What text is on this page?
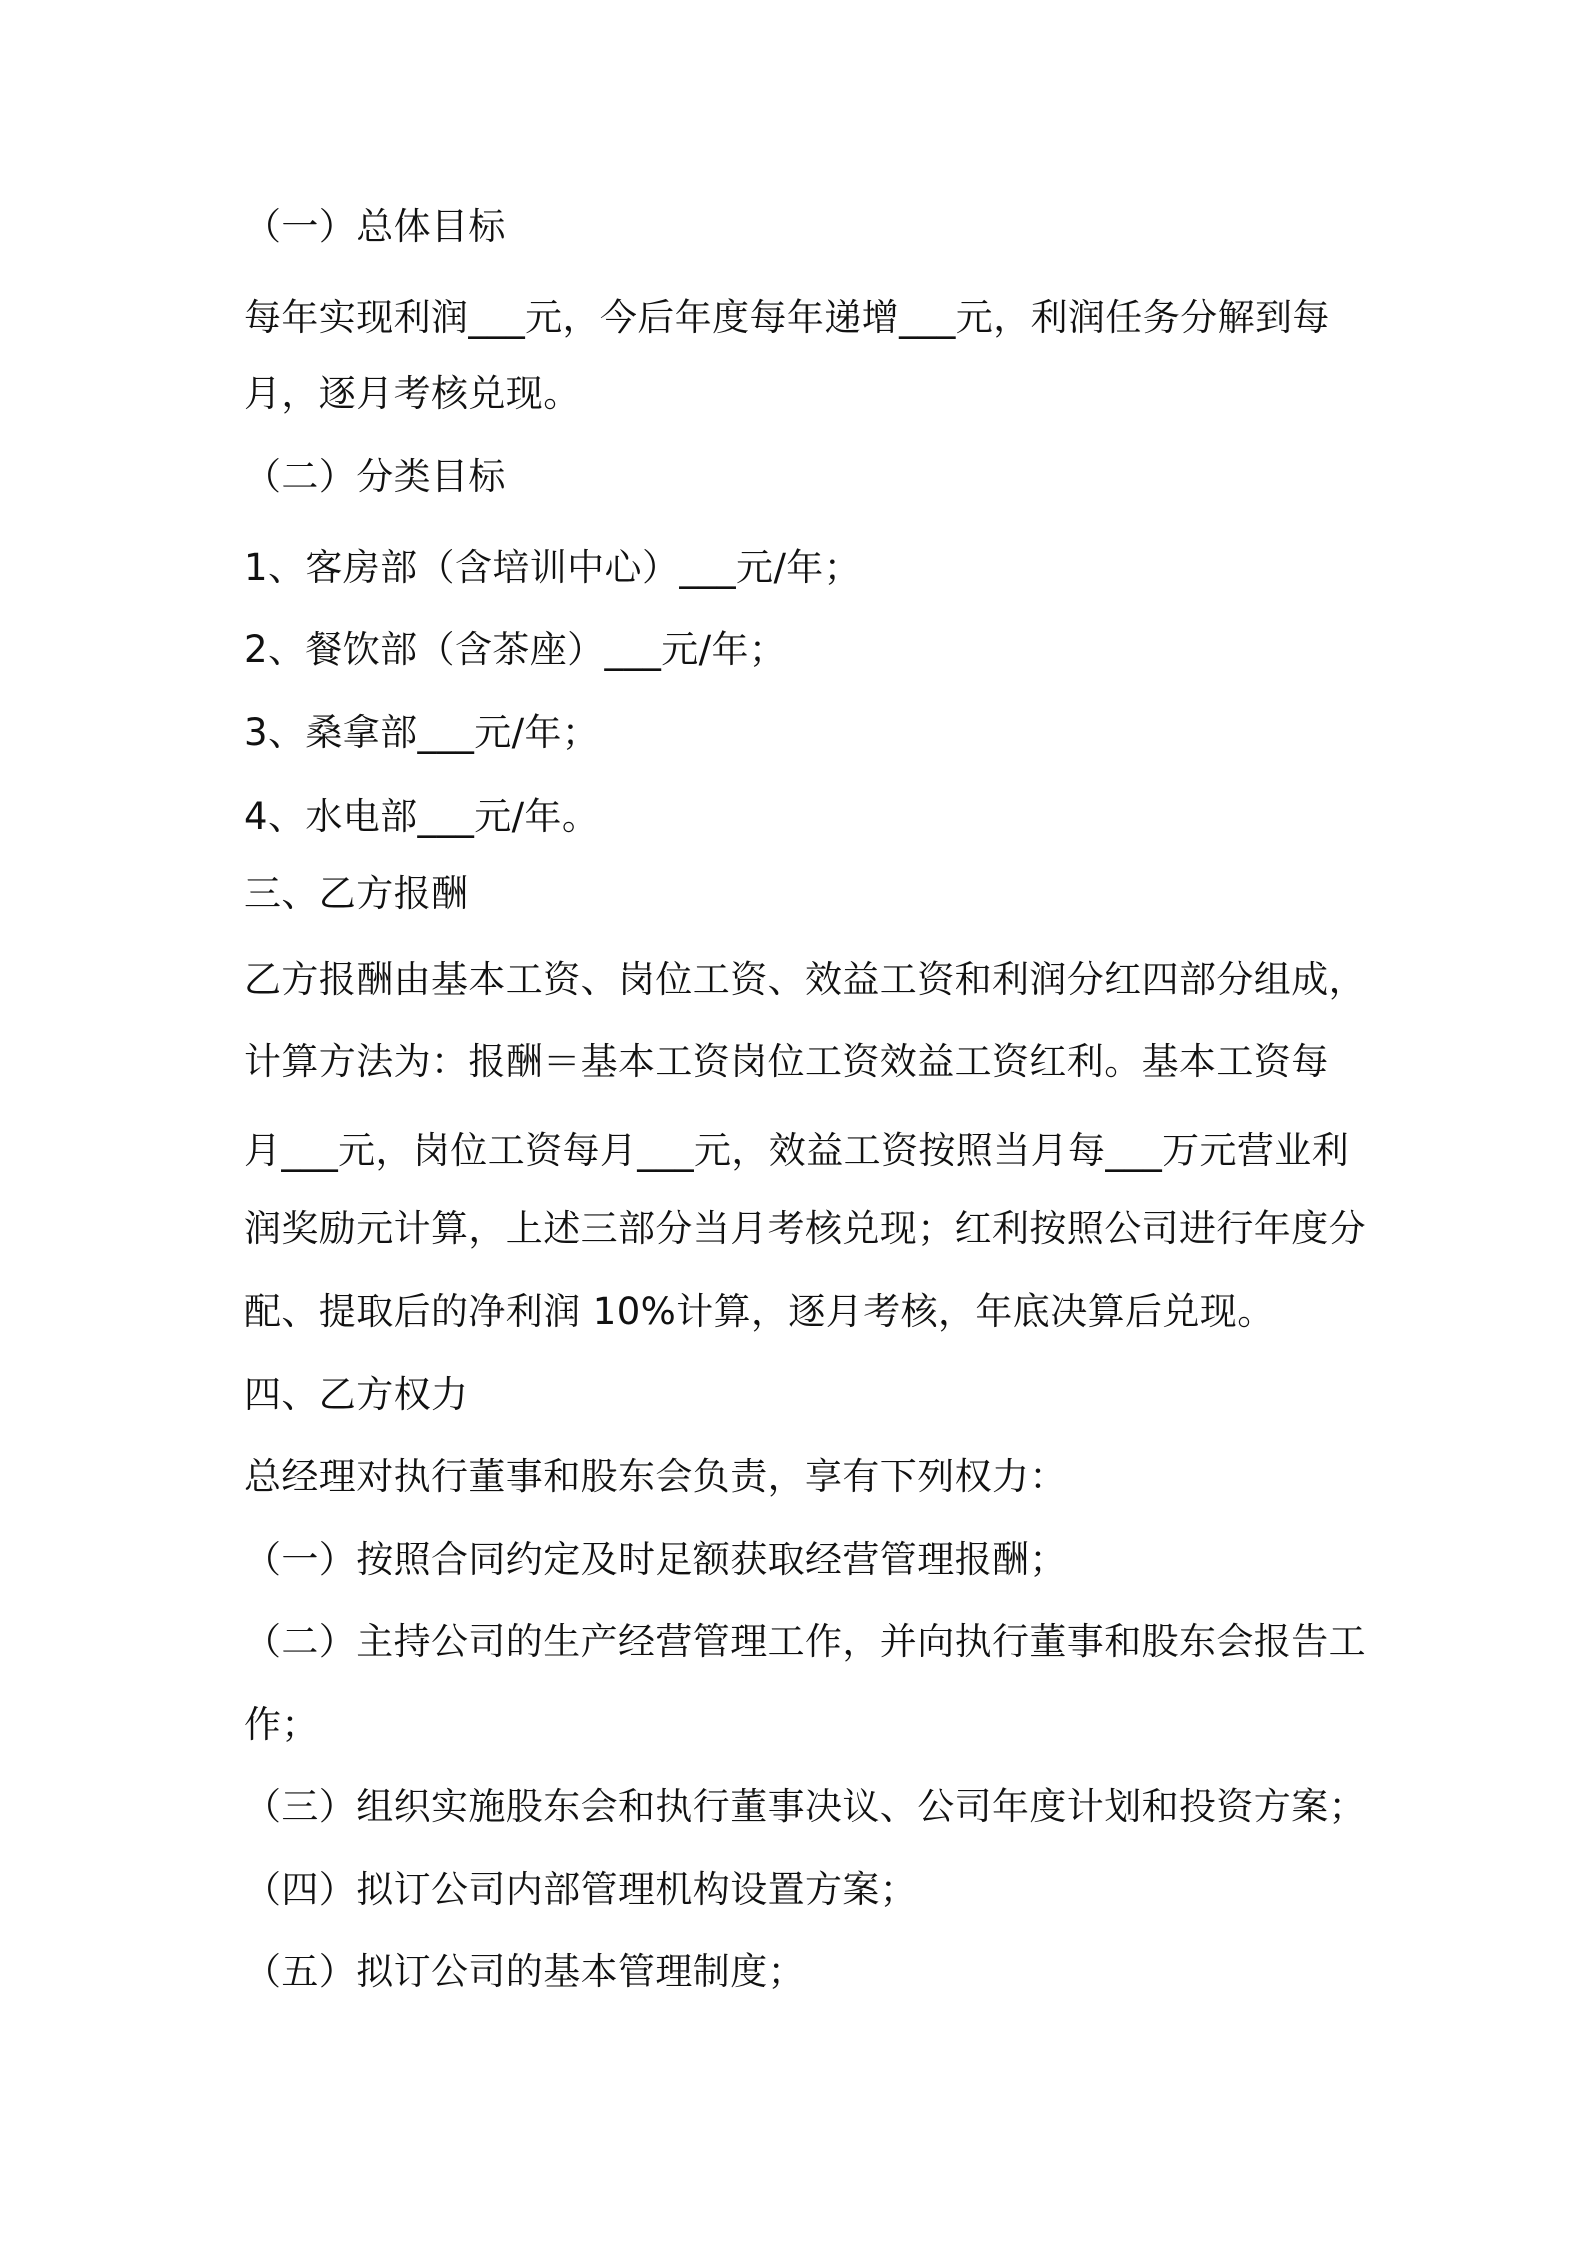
（一）总体目标
每年实现利润___元，今后年度每年递增___元，利润任务分解到每
月，逐月考核兑现。
（二）分类目标
1、客房部（含培训中心）___元/年；
2、餐饮部（含茶座）___元/年；
3、桑拿部___元/年；
4、水电部___元/年。
三、乙方报酬
乙方报酬由基本工资、岗位工资、效益工资和利润分红四部分组成，
计算方法为：报酬＝基本工资岗位工资效益工资红利。基本工资每
月___元，岗位工资每月___元，效益工资按照当月每___万元营业利
润奖励元计算，上述三部分当月考核兑现；红利按照公司进行年度分
配、提取后的净利润 10%计算，逐月考核，年底决算后兑现。
四、乙方权力
总经理对执行董事和股东会负责，享有下列权力：
（一）按照合同约定及时足额获取经营管理报酬；
（二）主持公司的生产经营管理工作，并向执行董事和股东会报告工
作；
（三）组织实施股东会和执行董事决议、公司年度计划和投资方案；
（四）拟订公司内部管理机构设置方案；
（五）拟订公司的基本管理制度；
